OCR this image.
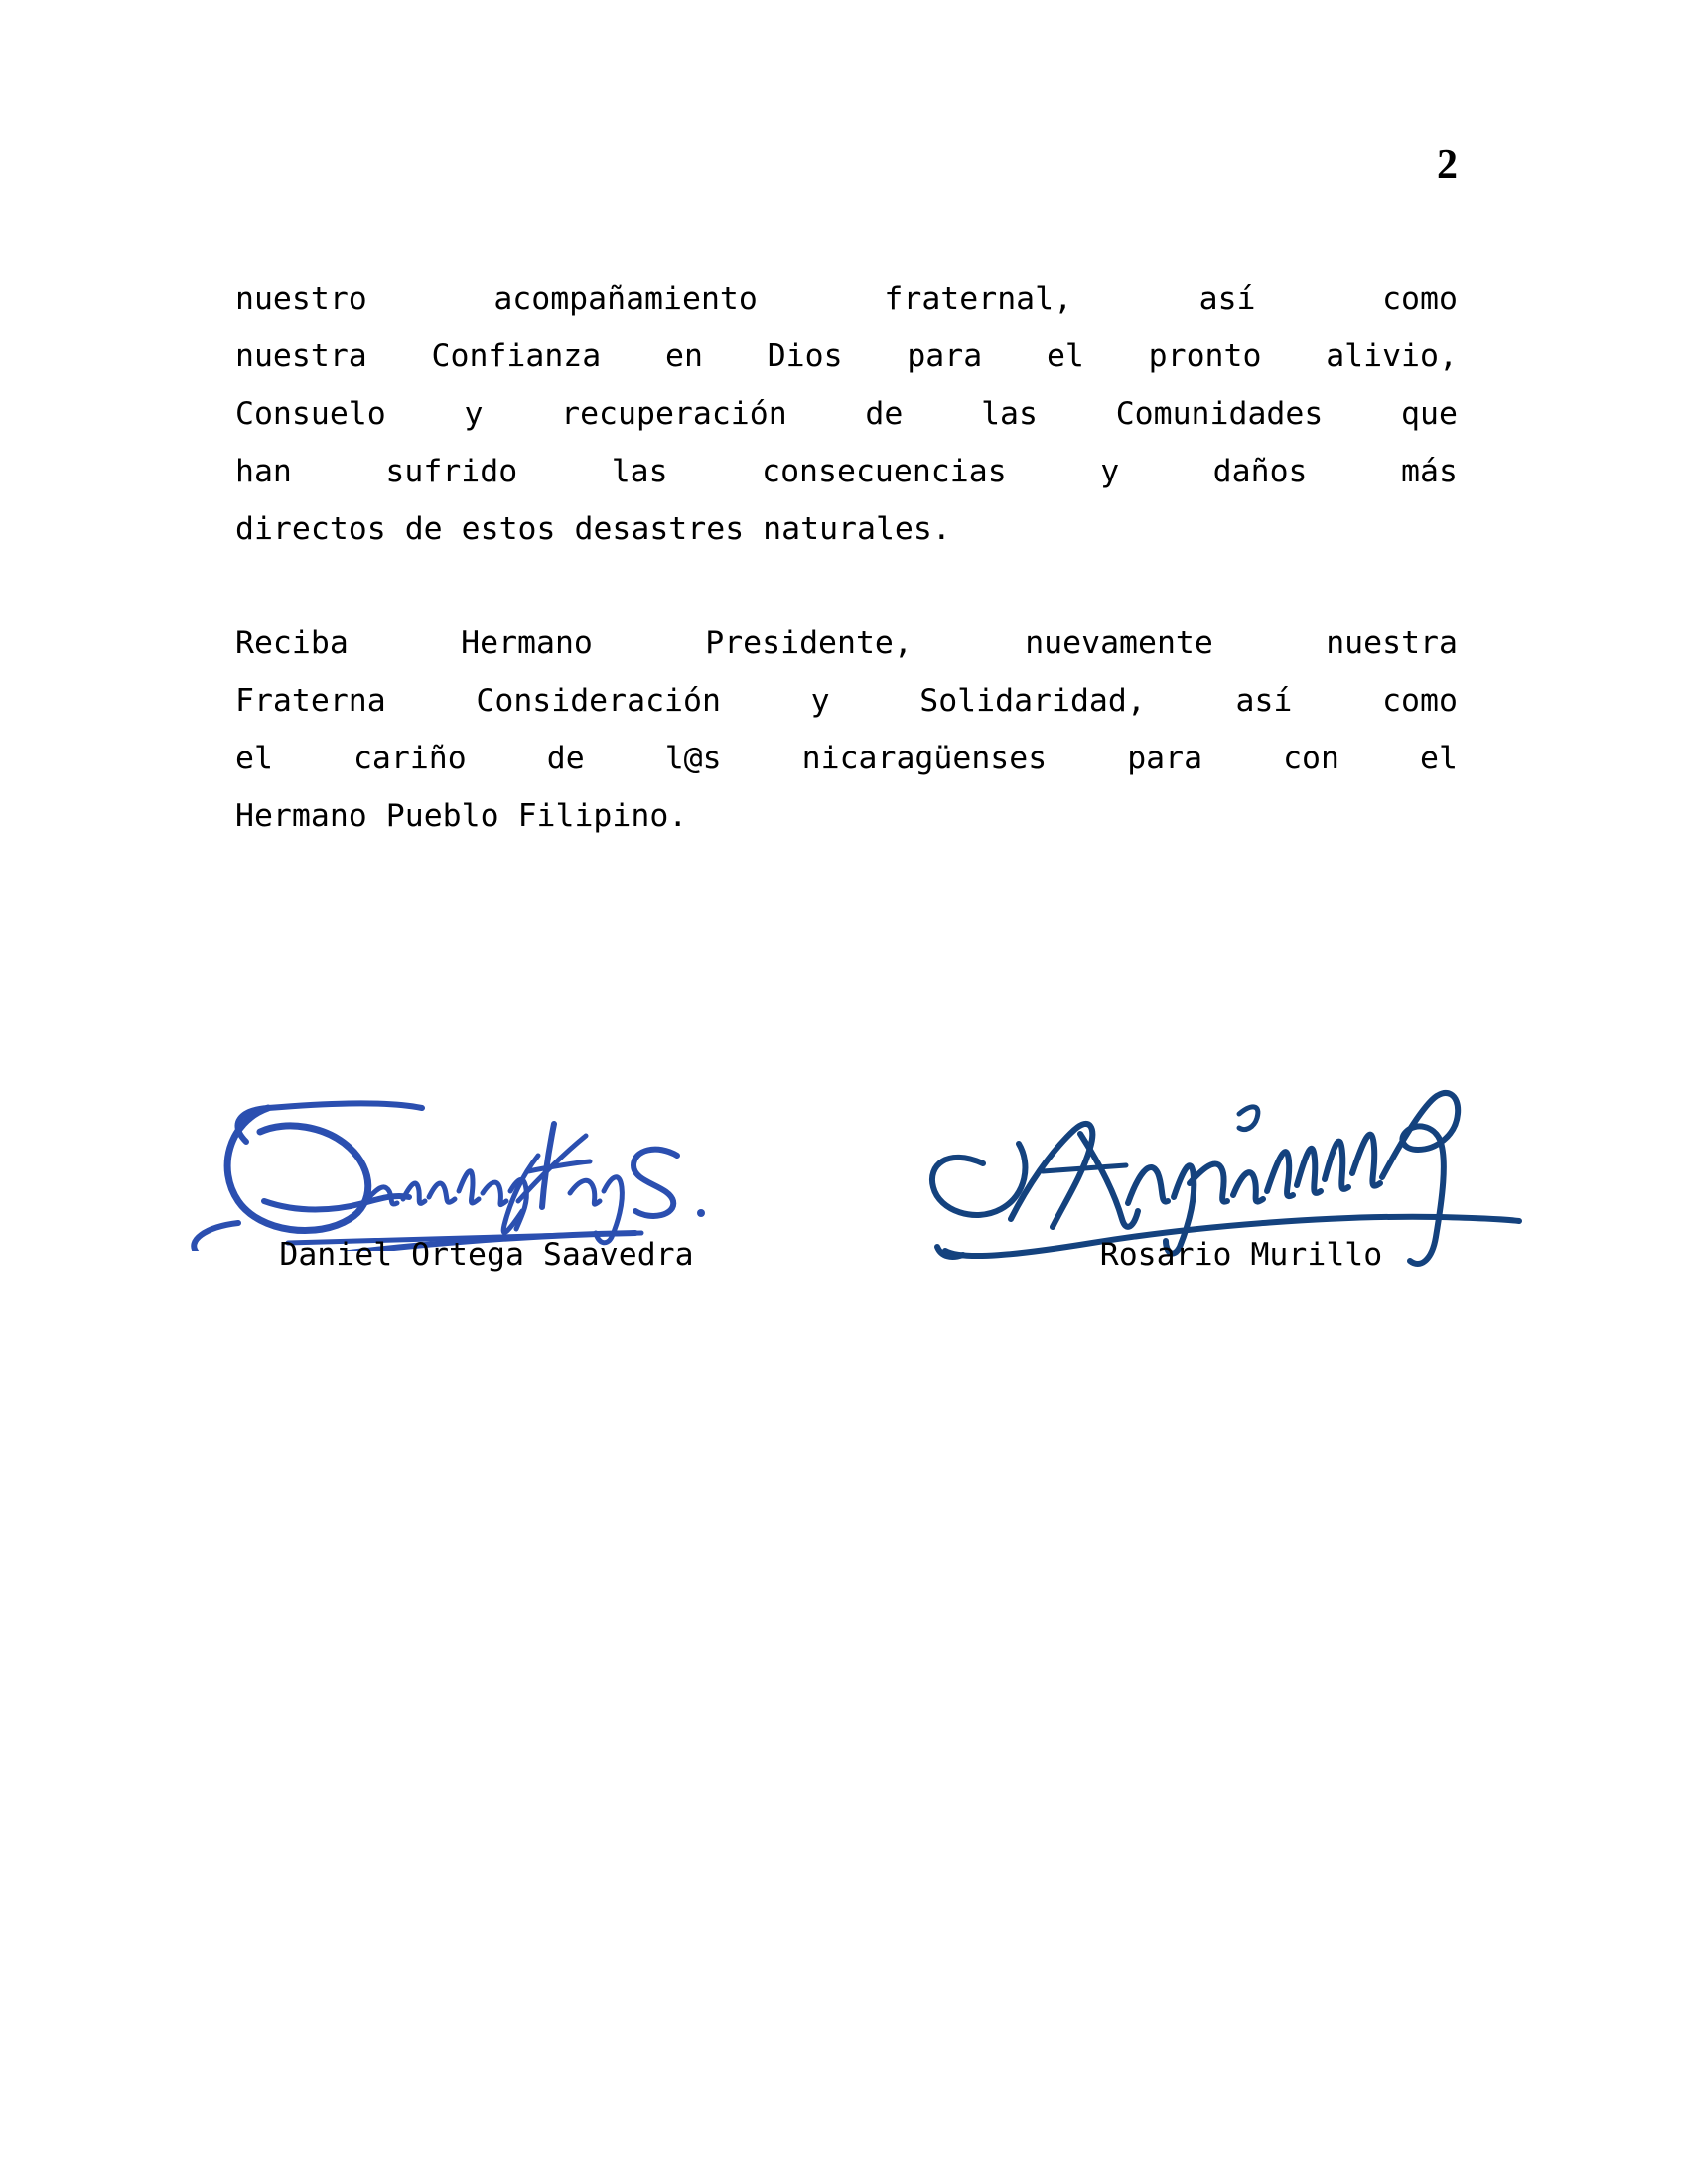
2
nuestro	acompañamiento	fraternal,	así	como
nuestra Confianza en Dios para el pronto alivio,
Consuelo y recuperación de las Comunidades que
han	sufrido	las	consecuencias	y	daños	más
directos de estos desastres naturales.
Reciba	Hermano	Presidente,	nuevamente	nuestra
Fraterna	Consideración	y	Solidaridad,	así	como
el	cariño	de	l@s	nicaragüenses	para	con	el
Hermano Pueblo Filipino.
Daniel Ortega Saavedra	Rosario Murillo
